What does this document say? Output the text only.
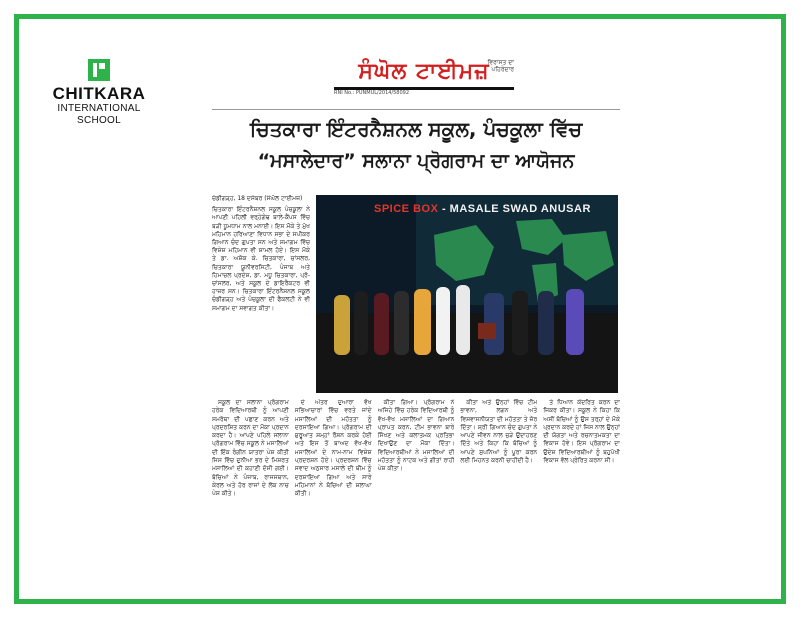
CHITKARA
INTERNATIONAL
SCHOOL
ਸੰਘੋਲ ਟਾਈਮਜ਼
ਵਿਰਾਸਤ ਦਾ ਪਹਿਰੇਦਾਰ
RNI No.: PUNMUL/2014/58092
ਚਿਤਕਾਰਾ ਇੰਟਰਨੈਸ਼ਨਲ ਸਕੂਲ, ਪੰਚਕੂਲਾ ਵਿੱਚ
“ਮਸਾਲੇਦਾਰ” ਸਲਾਨਾ ਪ੍ਰੋਗਰਾਮ ਦਾ ਆਯੋਜਨ

ਚੰਡੀਗੜ੍ਹ, 18 ਦਸੰਬਰ (ਸੰਘੋਲ ਟਾਈਮਜ਼)

ਚਿਤਕਾਰਾ ਇੰਟਰਨੈਸ਼ਨਲ ਸਕੂਲ ਪੰਚਕੂਲਾ ਨੇ ਆਪਣੀ ਪਹਿਲੀ ਵਰ੍ਹੇਗੰਢ ਬਾਲੇ-ਕੈਂਪਸ ਵਿੱਚ ਬੜੀ ਧੂਮਧਾਮ ਨਾਲ ਮਨਾਈ। ਇਸ ਮੌਕੇ ਤੇ ਮੁੱਖ ਮਹਿਮਾਨ ਹਰਿਆਣਾ ਵਿਧਾਨ ਸਭਾ ਦੇ ਸਪੀਕਰ ਗਿਆਨ ਚੰਦ ਗੁਪਤਾ ਸਨ ਅਤੇ ਸਮਾਗਮ ਵਿੱਚ ਵਿਸ਼ੇਸ਼ ਮਹਿਮਾਨ ਵੀ ਸ਼ਾਮਲ ਹੋਏ। ਇਸ ਮੌਕੇ ਤੇ ਡਾ. ਅਸ਼ੋਕ ਕੇ. ਚਿਤਕਾਰਾ, ਚਾਂਸਲਰ, ਚਿਤਕਾਰਾ ਯੂਨੀਵਰਸਿਟੀ, ਪੰਜਾਬ ਅਤੇ ਹਿਮਾਚਲ ਪ੍ਰਦੇਸ਼, ਡਾ. ਮਧੂ ਚਿਤਕਾਰਾ, ਪ੍ਰੋ-ਚਾਂਸਲਰ, ਅਤੇ ਸਕੂਲ ਦੇ ਡਾਇਰੈਕਟਰ ਵੀ ਹਾਜ਼ਰ ਸਨ। ਚਿਤਕਾਰਾ ਇੰਟਰਨੈਸ਼ਨਲ ਸਕੂਲ ਚੰਡੀਗੜ੍ਹ ਅਤੇ ਪੰਚਕੂਲਾ ਦੀ ਫੈਕਲਟੀ ਨੇ ਵੀ ਸਮਾਗਮ ਦਾ ਸਵਾਗਤ ਕੀਤਾ।

SPICE BOX - MASALE SWAD ANUSAR

ਸਕੂਲ ਦਾ ਸਲਾਨਾ ਪ੍ਰੋਗਰਾਮ ਹਰੇਕ ਵਿਦਿਆਰਥੀ ਨੂੰ ਆਪਣੀ ਸਮਰੱਥਾ ਦੀ ਪਛਾਣ ਕਰਨ ਅਤੇ ਪ੍ਰਦਰਸ਼ਿਤ ਕਰਨ ਦਾ ਮੌਕਾ ਪ੍ਰਦਾਨ ਕਰਦਾ ਹੈ। ਆਪਣੇ ਪਹਿਲੇ ਸਲਾਨਾ ਪ੍ਰੋਗਰਾਮ ਵਿੱਚ ਸਕੂਲ ਨੇ ਮਸਾਲਿਆਂ ਦੀ ਇੱਕ ਰੰਗੀਨ ਯਾਤਰਾ ਪੇਸ਼ ਕੀਤੀ ਜਿਸ ਵਿੱਚ ਦੁਨੀਆ ਭਰ ਦੇ ਮਿਸ਼ਰਤ ਮਸਾਲਿਆਂ ਦੀ ਕਹਾਣੀ ਦੱਸੀ ਗਈ। ਬੱਚਿਆਂ ਨੇ ਪੰਜਾਬ, ਰਾਜਸਥਾਨ, ਕੇਰਲ ਅਤੇ ਹੋਰ ਰਾਜਾਂ ਦੇ ਲੋਕ ਨਾਚ ਪੇਸ਼ ਕੀਤੇ।

ਦੇ ਅੰਤਰ ਦੁਆਰਾ ਵੱਖ ਸਭਿਆਚਾਰਾਂ ਵਿੱਚ ਵਰਤੇ ਜਾਂਦੇ ਮਸਾਲਿਆਂ ਦੀ ਮਹੱਤਤਾ ਨੂੰ ਦਰਸਾਇਆ ਗਿਆ। ਪ੍ਰੋਗਰਾਮ ਦੀ ਸ਼ੁਰੂਆਤ ਸ਼ਮ੍ਹਾਂ ਰੌਸ਼ਨ ਕਰਕੇ ਹੋਈ ਅਤੇ ਇਸ ਤੋਂ ਬਾਅਦ ਵੱਖ-ਵੱਖ ਮਸਾਲਿਆਂ ਦੇ ਨਾਮ-ਨਾਮ ਵਿਸ਼ੇਸ਼ ਪ੍ਰਦਰਸ਼ਨ ਹੋਏ। ਪ੍ਰਦਰਸ਼ਨ ਵਿੱਚ ਸਵਾਦ ਅਨੁਸਾਰ ਮਸਾਲੇ ਦੀ ਥੀਮ ਨੂੰ ਦਰਸ਼ਾਇਆ ਗਿਆ ਅਤੇ ਸਾਰੇ ਮਹਿਮਾਨਾਂ ਨੇ ਬੱਚਿਆਂ ਦੀ ਸ਼ਲਾਘਾ ਕੀਤੀ।

ਕੀਤਾ ਗਿਆ। ਪ੍ਰੋਗਰਾਮ ਨੇ ਅਜਿਹੇ ਵਿੱਚ ਹਰੇਕ ਵਿਦਿਆਰਥੀ ਨੂੰ ਵੱਖ-ਵੱਖ ਮਸਾਲਿਆਂ ਦਾ ਗਿਆਨ ਪ੍ਰਾਪਤ ਕਰਨ, ਟੀਮ ਭਾਵਨਾ ਬਾਰੇ ਸਿੱਖਣ ਅਤੇ ਕਲਾਤਮਕ ਪ੍ਰਤਿਭਾ ਦਿਖਾਉਣ ਦਾ ਮੌਕਾ ਦਿੱਤਾ। ਵਿਦਿਆਰਥੀਆਂ ਨੇ ਮਸਾਲਿਆਂ ਦੀ ਮਹੱਤਤਾ ਨੂੰ ਨਾਟਕ ਅਤੇ ਗੀਤਾਂ ਰਾਹੀਂ ਪੇਸ਼ ਕੀਤਾ।

ਕੀਤਾ ਅਤੇ ਉਨ੍ਹਾਂ ਵਿੱਚ ਟੀਮ ਭਾਵਨਾ, ਲਗਨ ਅਤੇ ਵਿਸ਼ਵਾਸਨੀਯਤਾ ਦੀ ਮਹੱਤਤਾ ਤੇ ਜ਼ੋਰ ਦਿੱਤਾ। ਸ਼੍ਰੀ ਗਿਆਨ ਚੰਦ ਗੁਪਤਾ ਨੇ ਆਪਣੇ ਜੀਵਨ ਨਾਲ ਜੁੜੇ ਉਦਾਹਰਣ ਦਿੱਤੇ ਅਤੇ ਕਿਹਾ ਕਿ ਬੱਚਿਆਂ ਨੂੰ ਆਪਣੇ ਸੁਪਨਿਆਂ ਨੂੰ ਪੂਰਾ ਕਰਨ ਲਈ ਮਿਹਨਤ ਕਰਨੀ ਚਾਹੀਦੀ ਹੈ।

ਤੇ ਧਿਆਨ ਕੇਂਦਰਿਤ ਕਰਨ ਦਾ ਜਿਕਰ ਕੀਤਾ। ਸਕੂਲ ਨੇ ਕਿਹਾ ਕਿ ਅਸੀਂ ਬੱਚਿਆਂ ਨੂੰ ਉਸ ਤਰ੍ਹਾਂ ਦੇ ਮੌਕੇ ਪ੍ਰਦਾਨ ਕਰਦੇ ਹਾਂ ਜਿਸ ਨਾਲ ਉਨ੍ਹਾਂ ਦੀ ਯੋਗਤਾ ਅਤੇ ਰਚਨਾਤਮਕਤਾ ਦਾ ਵਿਕਾਸ ਹੋਵੇ। ਇਸ ਪ੍ਰੋਗਰਾਮ ਦਾ ਉਦੇਸ਼ ਵਿਦਿਆਰਥੀਆਂ ਨੂੰ ਬਹੁਪੱਖੀ ਵਿਕਾਸ ਵੱਲ ਪ੍ਰੇਰਿਤ ਕਰਨਾ ਸੀ।
